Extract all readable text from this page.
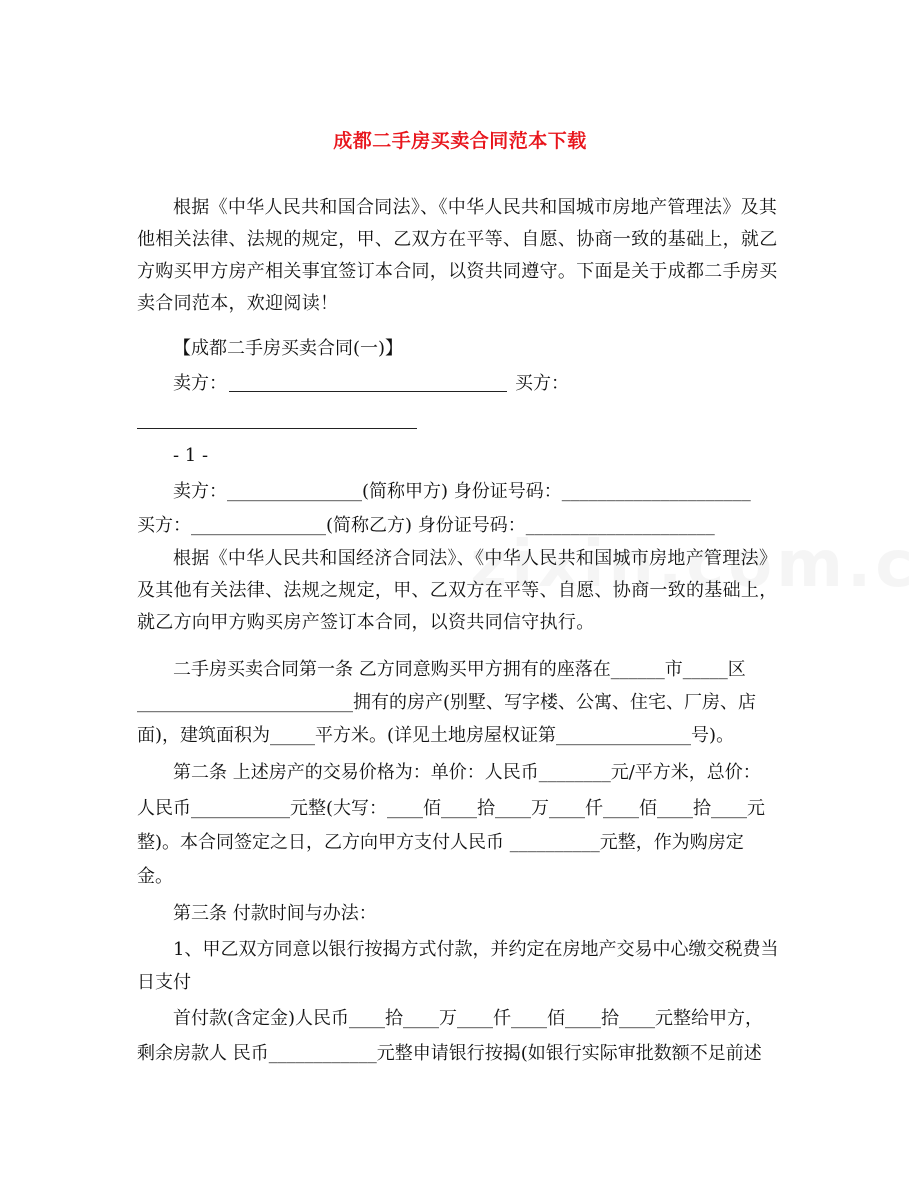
成都二手房买卖合同范本下载

根据《中华人民共和国合同法》、《中华人民共和国城市房地产管理法》及其他相关法律、法规的规定，甲、乙双方在平等、自愿、协商一致的基础上，就乙方购买甲方房产相关事宜签订本合同，以资共同遵守。下面是关于成都二手房买卖合同范本，欢迎阅读！

【成都二手房买卖合同(一)】

卖方：	买方：

- 1 -

卖方：_______________(简称甲方) 身份证号码：_____________________

买方：_______________(简称乙方) 身份证号码：_____________________

根据《中华人民共和国经济合同法》、《中华人民共和国城市房地产管理法》及其他有关法律、法规之规定，甲、乙双方在平等、自愿、协商一致的基础上，就乙方向甲方购买房产签订本合同，以资共同信守执行。

二手房买卖合同第一条 乙方同意购买甲方拥有的座落在______市_____区

________________________拥有的房产(别墅、写字楼、公寓、住宅、厂房、店

面)，建筑面积为_____平方米。(详见土地房屋权证第_______________号)。

第二条 上述房产的交易价格为：单价：人民币________元/平方米，总价：

人民币___________元整(大写：____佰____拾____万____仟____佰____拾____元

整)。本合同签定之日，乙方向甲方支付人民币 __________元整，作为购房定

金。

第三条 付款时间与办法：

1、甲乙双方同意以银行按揭方式付款，并约定在房地产交易中心缴交税费当

日支付

首付款(含定金)人民币____拾____万____仟____佰____拾____元整给甲方，

剩余房款人 民币____________元整申请银行按揭(如银行实际审批数额不足前述
